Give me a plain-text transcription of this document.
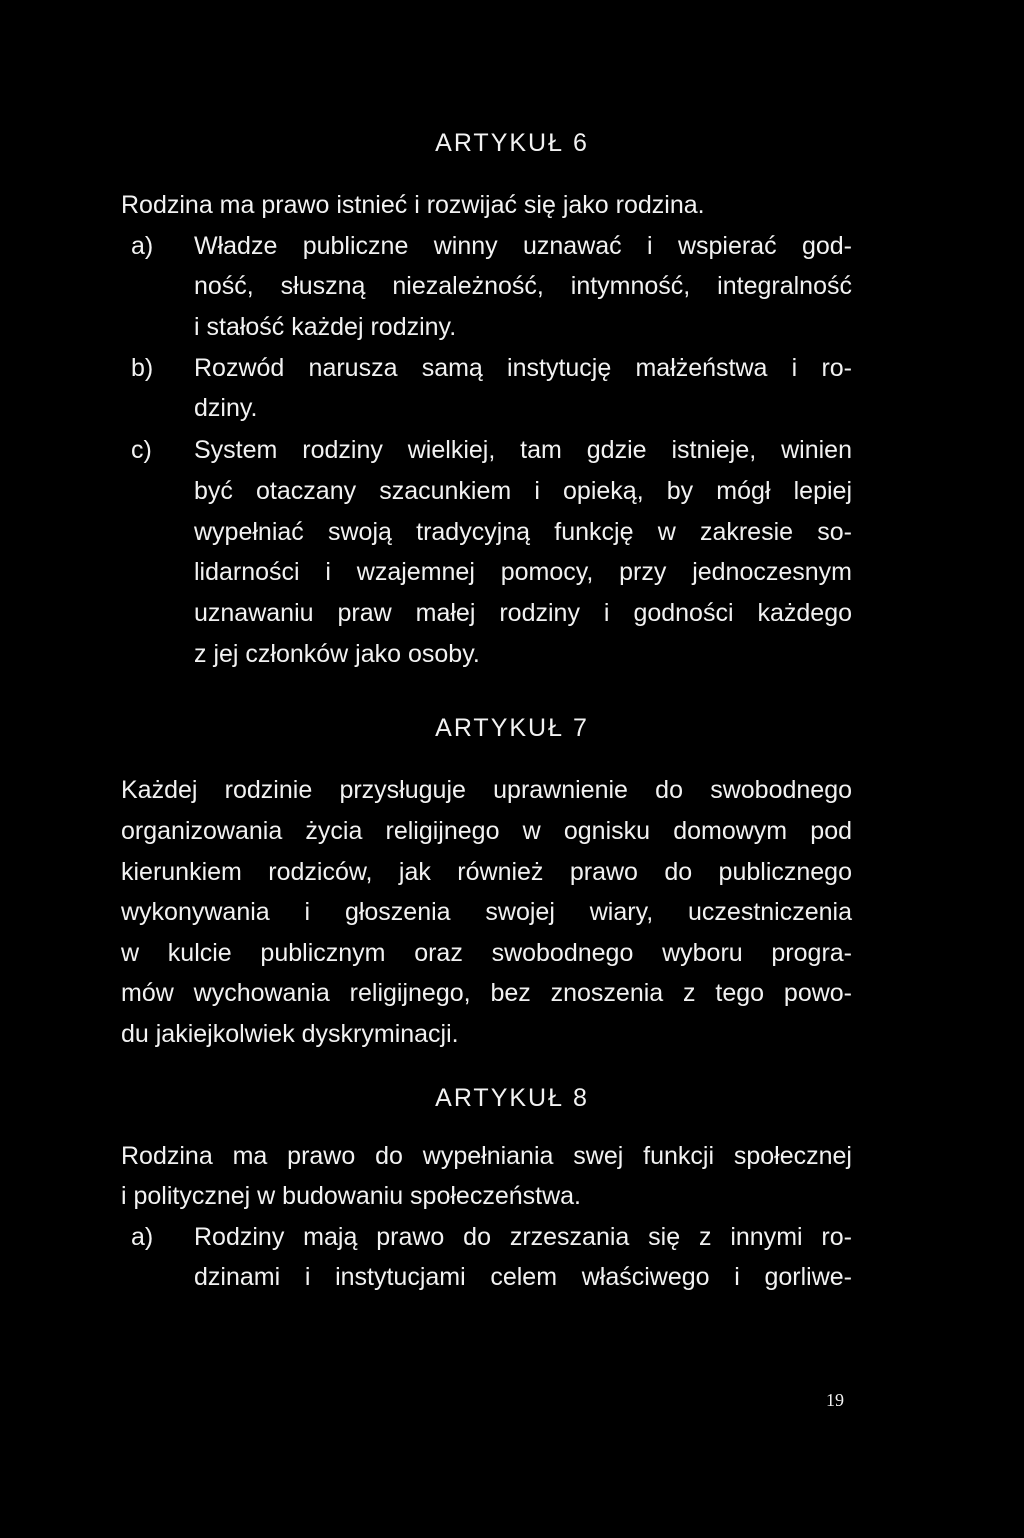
ARTYKUŁ 6
Rodzina ma prawo istnieć i rozwijać się jako rodzina.
a) Władze publiczne winny uznawać i wspierać god-
ność, słuszną niezależność, intymność, integralność
i stałość każdej rodziny.
b) Rozwód narusza samą instytucję małżeństwa i ro-
dziny.
c) System rodziny wielkiej, tam gdzie istnieje, winien
być otaczany szacunkiem i opieką, by mógł lepiej
wypełniać swoją tradycyjną funkcję w zakresie so-
lidarności i wzajemnej pomocy, przy jednoczesnym
uznawaniu praw małej rodziny i godności każdego
z jej członków jako osoby.
ARTYKUŁ 7
Każdej rodzinie przysługuje uprawnienie do swobodnego
organizowania życia religijnego w ognisku domowym pod
kierunkiem rodziców, jak również prawo do publicznego
wykonywania i głoszenia swojej wiary, uczestniczenia
w kulcie publicznym oraz swobodnego wyboru progra-
mów wychowania religijnego, bez znoszenia z tego powo-
du jakiejkolwiek dyskryminacji.
ARTYKUŁ 8
Rodzina ma prawo do wypełniania swej funkcji społecznej
i politycznej w budowaniu społeczeństwa.
a) Rodziny mają prawo do zrzeszania się z innymi ro-
dzinami i instytucjami celem właściwego i gorliwe-
19
